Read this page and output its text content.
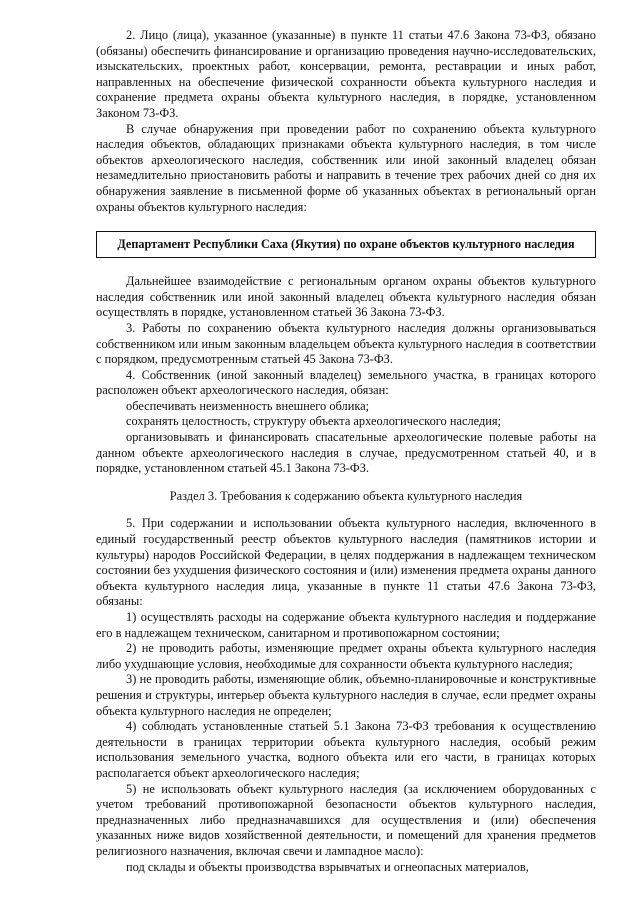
2. Лицо (лица), указанное (указанные) в пункте 11 статьи 47.6 Закона 73-ФЗ, обязано (обязаны) обеспечить финансирование и организацию проведения научно-исследовательских, изыскательских, проектных работ, консервации, ремонта, реставрации и иных работ, направленных на обеспечение физической сохранности объекта культурного наследия и сохранение предмета охраны объекта культурного наследия, в порядке, установленном Законом 73-ФЗ.

В случае обнаружения при проведении работ по сохранению объекта культурного наследия объектов, обладающих признаками объекта культурного наследия, в том числе объектов археологического наследия, собственник или иной законный владелец обязан незамедлительно приостановить работы и направить в течение трех рабочих дней со дня их обнаружения заявление в письменной форме об указанных объектах в региональный орган охраны объектов культурного наследия:

Департамент Республики Саха (Якутия) по охране объектов культурного наследия

Дальнейшее взаимодействие с региональным органом охраны объектов культурного наследия собственник или иной законный владелец объекта культурного наследия обязан осуществлять в порядке, установленном статьей 36 Закона 73-ФЗ.

3. Работы по сохранению объекта культурного наследия должны организовываться собственником или иным законным владельцем объекта культурного наследия в соответствии с порядком, предусмотренным статьей 45 Закона 73-ФЗ.

4. Собственник (иной законный владелец) земельного участка, в границах которого расположен объект археологического наследия, обязан:

обеспечивать неизменность внешнего облика;

сохранять целостность, структуру объекта археологического наследия;

организовывать и финансировать спасательные археологические полевые работы на данном объекте археологического наследия в случае, предусмотренном статьей 40, и в порядке, установленном статьей 45.1 Закона 73-ФЗ.

Раздел 3. Требования к содержанию объекта культурного наследия

5. При содержании и использовании объекта культурного наследия, включенного в единый государственный реестр объектов культурного наследия (памятников истории и культуры) народов Российской Федерации, в целях поддержания в надлежащем техническом состоянии без ухудшения физического состояния и (или) изменения предмета охраны данного объекта культурного наследия лица, указанные в пункте 11 статьи 47.6 Закона 73-ФЗ, обязаны:

1) осуществлять расходы на содержание объекта культурного наследия и поддержание его в надлежащем техническом, санитарном и противопожарном состоянии;

2) не проводить работы, изменяющие предмет охраны объекта культурного наследия либо ухудшающие условия, необходимые для сохранности объекта культурного наследия;

3) не проводить работы, изменяющие облик, объемно-планировочные и конструктивные решения и структуры, интерьер объекта культурного наследия в случае, если предмет охраны объекта культурного наследия не определен;

4) соблюдать установленные статьей 5.1 Закона 73-ФЗ требования к осуществлению деятельности в границах территории объекта культурного наследия, особый режим использования земельного участка, водного объекта или его части, в границах которых располагается объект археологического наследия;

5) не использовать объект культурного наследия (за исключением оборудованных с учетом требований противопожарной безопасности объектов культурного наследия, предназначенных либо предназначавшихся для осуществления и (или) обеспечения указанных ниже видов хозяйственной деятельности, и помещений для хранения предметов религиозного назначения, включая свечи и лампадное масло):

под склады и объекты производства взрывчатых и огнеопасных материалов,
